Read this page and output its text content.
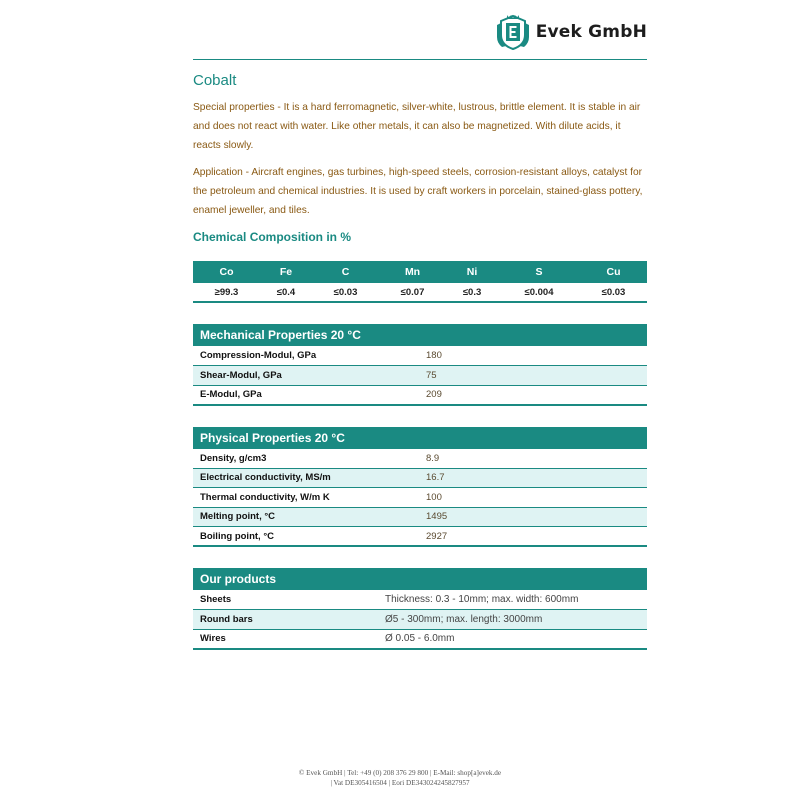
Evek GmbH
Cobalt

Special properties - It is a hard ferromagnetic, silver-white, lustrous, brittle element. It is stable in air and does not react with water. Like other metals, it can also be magnetized. With dilute acids, it reacts slowly.

Application - Aircraft engines, gas turbines, high-speed steels, corrosion-resistant alloys, catalyst for the petroleum and chemical industries. It is used by craft workers in porcelain, stained-glass pottery, enamel jeweller, and tiles.

Chemical Composition in %
Co	Fe	C	Mn	Ni	S	Cu
≥99.3	≤0.4	≤0.03	≤0.07	≤0.3	≤0.004	≤0.03
Mechanical Properties 20 °C	
Compression-Modul, GPa	180
Shear-Modul, GPa	75
E-Modul, GPa	209
Physical Properties 20 °C	
Density, g/cm3	8.9
Electrical conductivity, MS/m	16.7
Thermal conductivity, W/m K	100
Melting point, °C	1495
Boiling point, °C	2927
Our products	
Sheets	Thickness: 0.3 - 10mm; max. width: 600mm
Round bars	Ø5 - 300mm; max. length: 3000mm
Wires	Ø 0.05 - 6.0mm
© Evek GmbH | Tel: +49 (0) 208 376 29 800 | E-Mail: shop[a]evek.de
| Vat DE305416504 | Eori DE343024245827957
